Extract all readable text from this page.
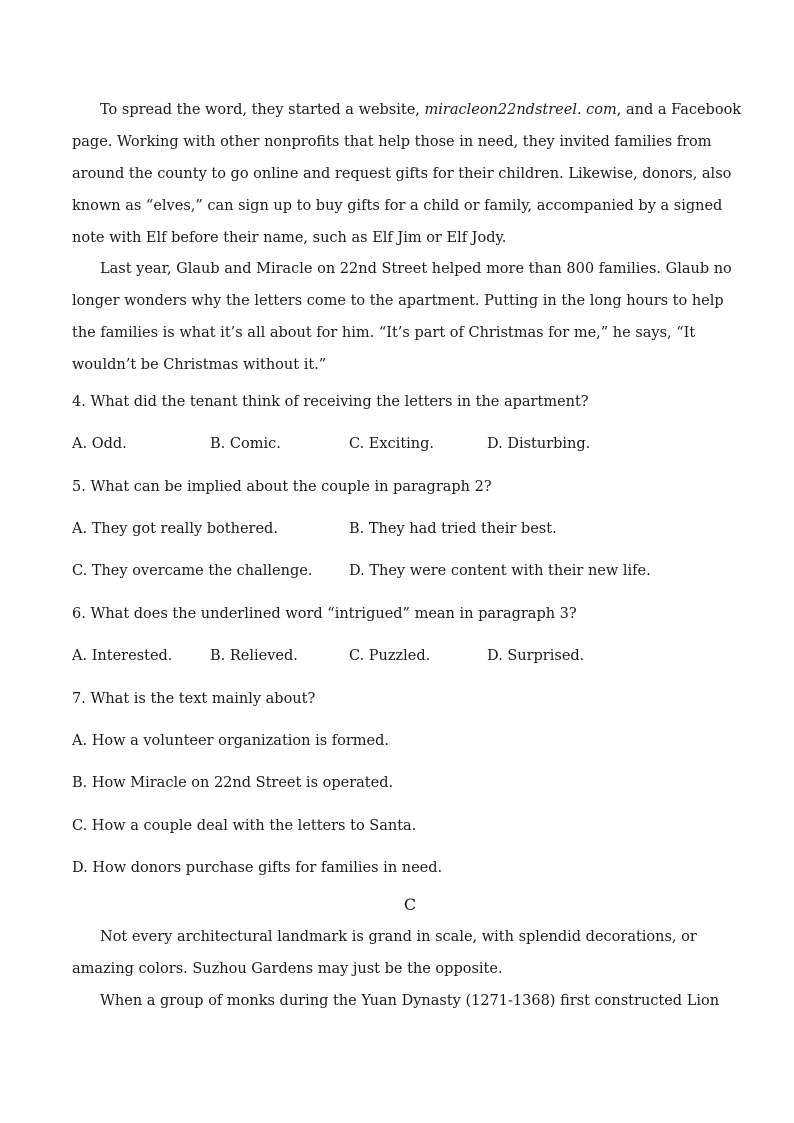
To spread the word, they started a website, miracleon22ndstreel. com, and a Facebook
page. Working with other nonprofits that help those in need, they invited families from
around the county to go online and request gifts for their children. Likewise, donors, also
known as “elves,” can sign up to buy gifts for a child or family, accompanied by a signed
note with Elf before their name, such as Elf Jim or Elf Jody.
Last year, Glaub and Miracle on 22nd Street helped more than 800 families. Glaub no
longer wonders why the letters come to the apartment. Putting in the long hours to help
the families is what it’s all about for him. “It’s part of Christmas for me,” he says, “It
wouldn’t be Christmas without it.”
4. What did the tenant think of receiving the letters in the apartment?
A. Odd.	B. Comic.	C. Exciting.	D. Disturbing.
5. What can be implied about the couple in paragraph 2?
A. They got really bothered.	B. They had tried their best.
C. They overcame the challenge.	D. They were content with their new life.
6. What does the underlined word “intrigued” mean in paragraph 3?
A. Interested.	B. Relieved.	C. Puzzled.	D. Surprised.
7. What is the text mainly about?
A. How a volunteer organization is formed.
B. How Miracle on 22nd Street is operated.
C. How a couple deal with the letters to Santa.
D. How donors purchase gifts for families in need.
C
Not every architectural landmark is grand in scale, with splendid decorations, or
amazing colors. Suzhou Gardens may just be the opposite.
When a group of monks during the Yuan Dynasty (1271-1368) first constructed Lion
